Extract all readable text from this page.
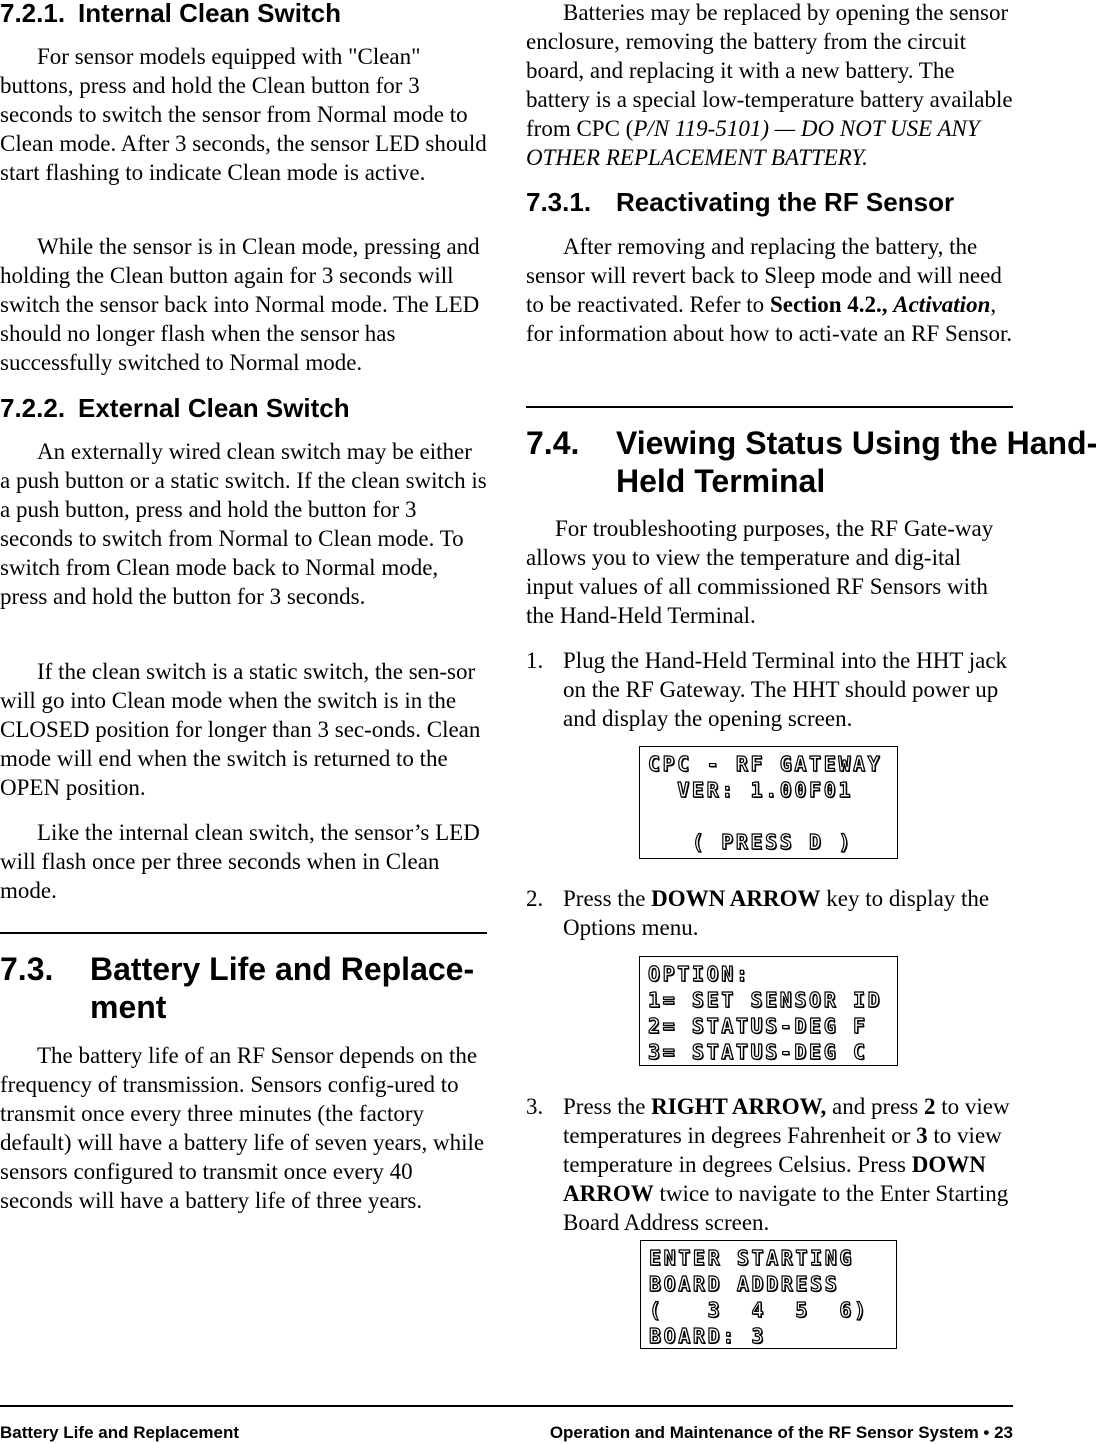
7.2.1. Internal Clean Switch

For sensor models equipped with "Clean" buttons, press and hold the Clean button for 3 seconds to switch the sensor from Normal mode to Clean mode. After 3 seconds, the sensor LED should start flashing to indicate Clean mode is active.

While the sensor is in Clean mode, pressing and holding the Clean button again for 3 seconds will switch the sensor back into Normal mode. The LED should no longer flash when the sensor has successfully switched to Normal mode.

7.2.2. External Clean Switch

An externally wired clean switch may be either a push button or a static switch. If the clean switch is a push button, press and hold the button for 3 seconds to switch from Normal to Clean mode. To switch from Clean mode back to Normal mode, press and hold the button for 3 seconds.

If the clean switch is a static switch, the sen-sor will go into Clean mode when the switch is in the CLOSED position for longer than 3 sec-onds. Clean mode will end when the switch is returned to the OPEN position.

Like the internal clean switch, the sensor’s LED will flash once per three seconds when in Clean mode.

7.3. Battery Life and Replace-ment

The battery life of an RF Sensor depends on the frequency of transmission. Sensors config-ured to transmit once every three minutes (the factory default) will have a battery life of seven years, while sensors configured to transmit once every 40 seconds will have a battery life of three years.

Batteries may be replaced by opening the sensor enclosure, removing the battery from the circuit board, and replacing it with a new battery. The battery is a special low-temperature battery available from CPC (P/N 119-5101) — DO NOT USE ANY OTHER REPLACEMENT BATTERY.

7.3.1. Reactivating the RF Sensor

After removing and replacing the battery, the sensor will revert back to Sleep mode and will need to be reactivated. Refer to Section 4.2., Activation, for information about how to acti-vate an RF Sensor.

7.4. Viewing Status Using the Hand-Held Terminal

For troubleshooting purposes, the RF Gate-way allows you to view the temperature and dig-ital input values of all commissioned RF Sensors with the Hand-Held Terminal.

1. Plug the Hand-Held Terminal into the HHT jack on the RF Gateway. The HHT should power up and display the opening screen.
CPC - RF GATEWAY
VER: 1.00F01
( PRESS D )
2. Press the DOWN ARROW key to display the Options menu.
OPTION:
1= SET SENSOR ID
2= STATUS-DEG F
3= STATUS-DEG C
3. Press the RIGHT ARROW, and press 2 to view temperatures in degrees Fahrenheit or 3 to view temperature in degrees Celsius. Press DOWN ARROW twice to navigate to the Enter Starting Board Address screen.
ENTER STARTING
BOARD ADDRESS
(   3  4  5  6)
BOARD: 3
Battery Life and Replacement	Operation and Maintenance of the RF Sensor System • 23
